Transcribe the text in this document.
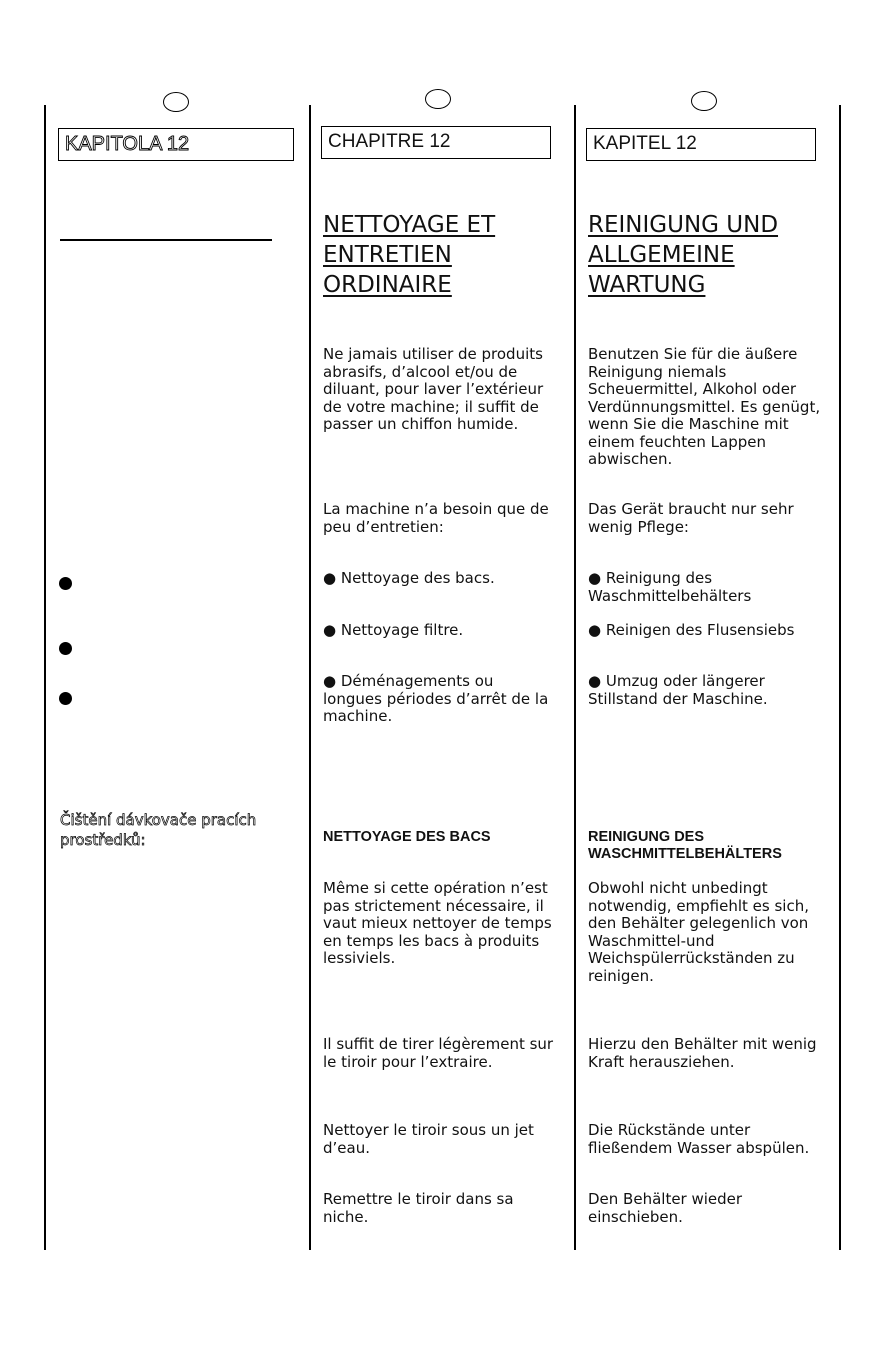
KAPITOLA 12
Čištění dávkovače pracích prostředků:
CHAPITRE 12
NETTOYAGE ET
ENTRETIEN
ORDINAIRE
Ne jamais utiliser de produits abrasifs, d’alcool et/ou de diluant, pour laver l’extérieur de votre machine; il suffit de passer un chiffon humide.
La machine n’a besoin que de peu d’entretien:
● Nettoyage des bacs.
● Nettoyage filtre.
● Déménagements ou longues périodes d’arrêt de la machine.
NETTOYAGE DES BACS
Même si cette opération n’est pas strictement nécessaire, il vaut mieux nettoyer de temps en temps les bacs à produits lessiviels.
Il suffit de tirer légèrement sur le tiroir pour l’extraire.
Nettoyer le tiroir sous un jet d’eau.
Remettre le tiroir dans sa niche.
KAPITEL 12
REINIGUNG UND
ALLGEMEINE
WARTUNG
Benutzen Sie für die äußere Reinigung niemals Scheuermittel, Alkohol oder Verdünnungsmittel. Es genügt, wenn Sie die Maschine mit einem feuchten Lappen abwischen.
Das Gerät braucht nur sehr wenig Pflege:
● Reinigung des Waschmittelbehälters
● Reinigen des Flusensiebs
● Umzug oder längerer Stillstand der Maschine.
REINIGUNG DES WASCHMITTELBEHÄLTERS
Obwohl nicht unbedingt notwendig, empfiehlt es sich, den Behälter gelegenlich von Waschmittel-und Weichspülerrückständen zu reinigen.
Hierzu den Behälter mit wenig Kraft herausziehen.
Die Rückstände unter fließendem Wasser abspülen.
Den Behälter wieder einschieben.
